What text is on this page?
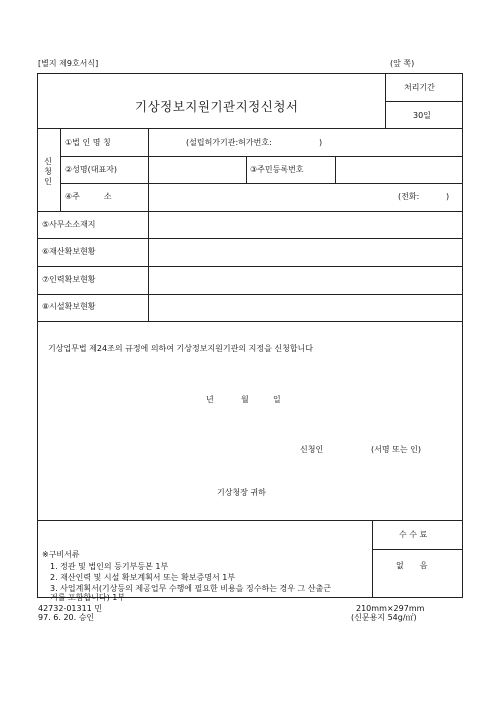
[별지 제9호서식]	(앞 쪽)
기상정보지원기관지정신청서
처리기간
30일
신
청
인
①법 인 명 칭	(설립허가기관:허가번호:	)
②성명(대표자)	③주민등록번호
④주　　　소	(전화:	)
⑤사무소소재지
⑥재산확보현황
⑦인력확보현황
⑧시설확보현황
기상업무법 제24조의 규정에 의하여 기상정보지원기관의 지정을 신청합니다
년	월	일
신청인	(서명 또는 인)
기상청장 귀하
수 수 료
없　　음
※구비서류
1. 정관 및 법인의 등기부등본 1부
2. 재산인력 및 시설 확보계획서 또는 확보증명서 1부
3. 사업계획서(기상등의 제공업무 수행에 필요한 비용을 징수하는 경우 그 산출근
거를 포함합니다) 1부
42732-01311 민
97. 6. 20. 승인
210mm×297mm
(신문용지 54g/㎡)
